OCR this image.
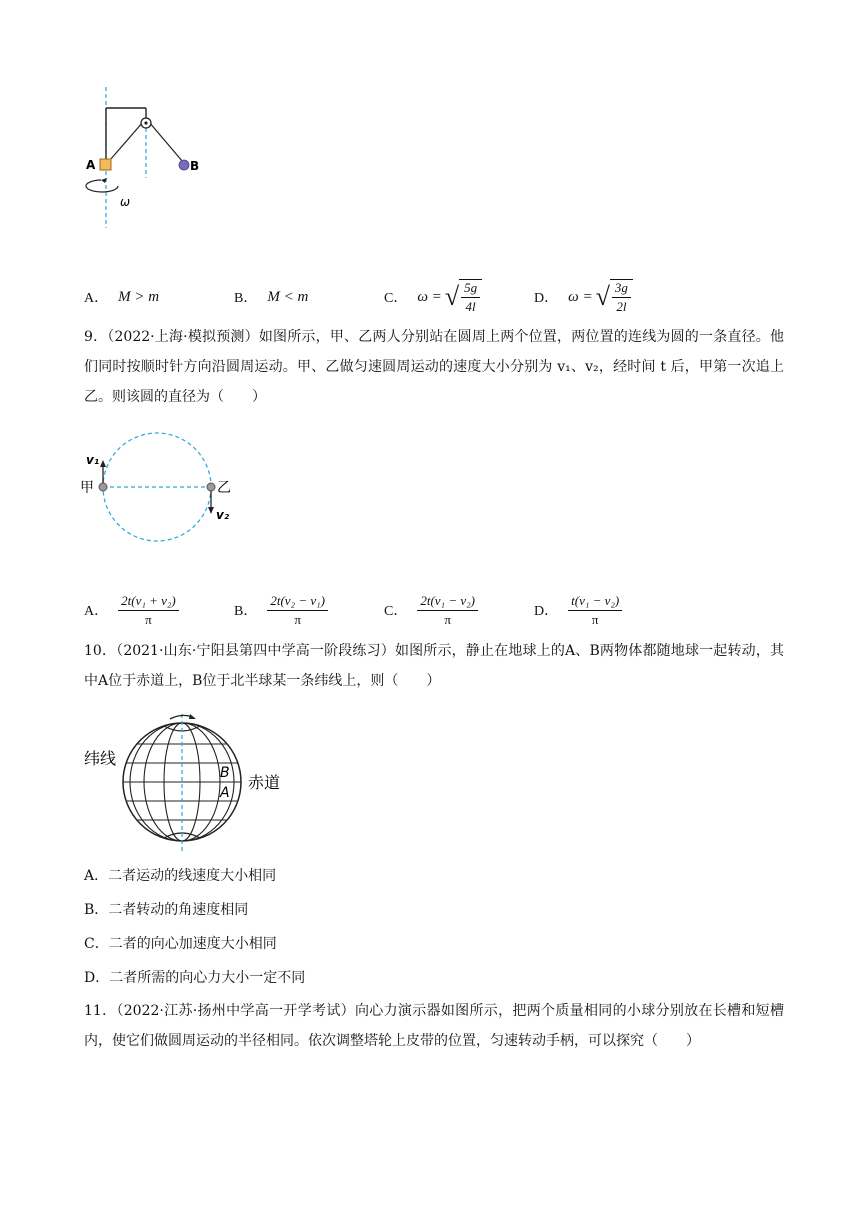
A	B
ω
A． M > m	B． M < m	C． ω = √ $\frac{5g}{4l}$	D． ω = √ $\frac{3g}{2l}$
9．（2022·上海·模拟预测）如图所示，甲、乙两人分别站在圆周上两个位置，两位置的连线为圆的一条直径。他们同时按顺时针方向沿圆周运动。甲、乙做匀速圆周运动的速度大小分别为 v₁、v₂，经时间 t 后，甲第一次追上乙。则该圆的直径为（　　）
v₁
甲	乙
v₂
A． $\frac{\text{2t(v₁ + v₂)}}{\pi}$	B． $\frac{\text{2t(v₂ − v₁)}}{\pi}$	C． $\frac{\text{2t(v₁ − v₂)}}{\pi}$	D． $\frac{\text{t(v₁ − v₂)}}{\pi}$
10．（2021·山东·宁阳县第四中学高一阶段练习）如图所示，静止在地球上的A、B两物体都随地球一起转动，其中A位于赤道上，B位于北半球某一条纬线上，则（　　）
纬线
B
A
赤道
A．二者运动的线速度大小相同
B．二者转动的角速度相同
C．二者的向心加速度大小相同
D．二者所需的向心力大小一定不同
11．（2022·江苏·扬州中学高一开学考试）向心力演示器如图所示，把两个质量相同的小球分别放在长槽和短槽内，使它们做圆周运动的半径相同。依次调整塔轮上皮带的位置，匀速转动手柄，可以探究（　　）
